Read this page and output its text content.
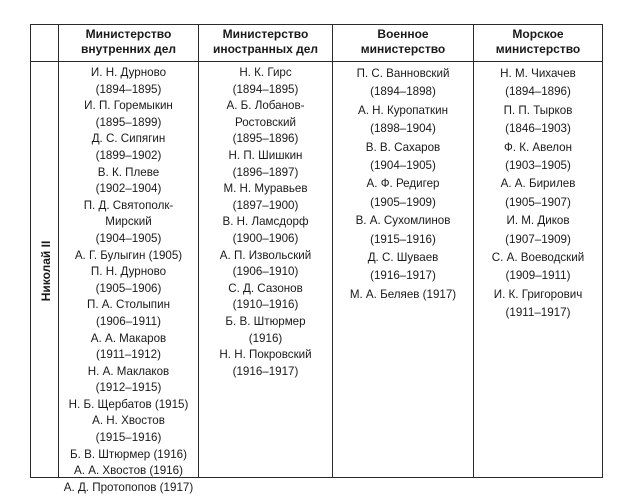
Министерство
внутренних дел
Министерство
иностранных дел
Военное
министерство
Морское
министерство
Николай II
И. Н. Дурново
(1894–1895)
И. П. Горемыкин
(1895–1899)
Д. С. Сипягин
(1899–1902)
В. К. Плеве
(1902–1904)
П. Д. Святополк-
Мирский
(1904–1905)
А. Г. Булыгин (1905)
П. Н. Дурново
(1905–1906)
П. А. Столыпин
(1906–1911)
А. А. Макаров
(1911–1912)
Н. А. Маклаков
(1912–1915)
Н. Б. Щербатов (1915)
А. Н. Хвостов
(1915–1916)
Б. В. Штюрмер (1916)
А. А. Хвостов (1916)
А. Д. Протопопов (1917)
Н. К. Гирс
(1894–1895)
А. Б. Лобанов-
Ростовский
(1895–1896)
Н. П. Шишкин
(1896–1897)
М. Н. Муравьев
(1897–1900)
В. Н. Ламсдорф
(1900–1906)
А. П. Извольский
(1906–1910)
С. Д. Сазонов
(1910–1916)
Б. В. Штюрмер
(1916)
Н. Н. Покровский
(1916–1917)
П. С. Ванновский
(1894–1898)
А. Н. Куропаткин
(1898–1904)
В. В. Сахаров
(1904–1905)
А. Ф. Редигер
(1905–1909)
В. А. Сухомлинов
(1915–1916)
Д. С. Шуваев
(1916–1917)
М. А. Беляев (1917)
Н. М. Чихачев
(1894–1896)
П. П. Тырков
(1846–1903)
Ф. К. Авелон
(1903–1905)
А. А. Бирилев
(1905–1907)
И. М. Диков
(1907–1909)
С. А. Воеводский
(1909–1911)
И. К. Григорович
(1911–1917)
